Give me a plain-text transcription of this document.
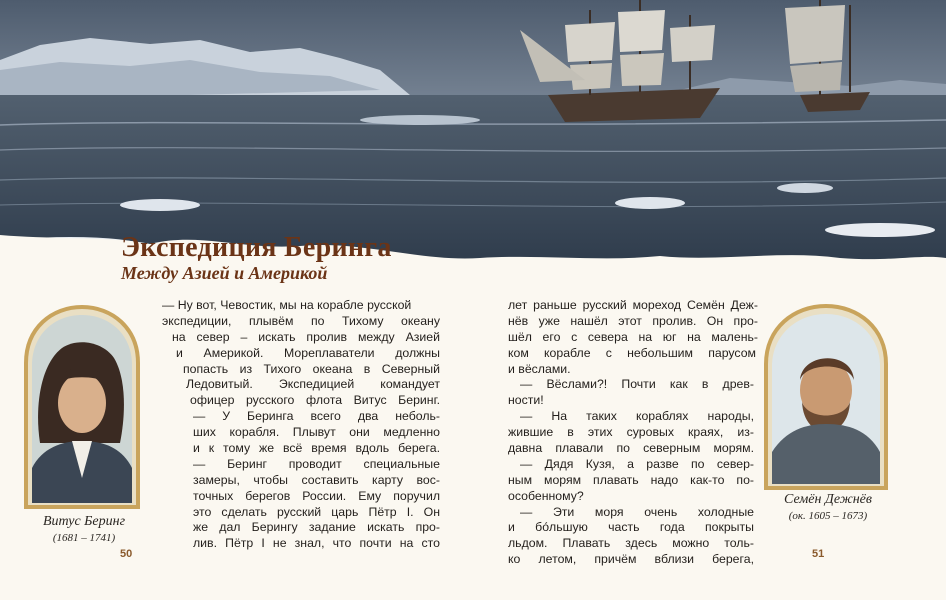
Экспедиция Беринга
Между Азией и Америкой
Витус Беринг
(1681 – 1741)
Семён Дежнёв
(ок. 1605 – 1673)

— Ну вот, Чевостик, мы на корабле русской

экспедиции, плывём по Тихому океану

на север – искать пролив между Азией

и Америкой. Мореплаватели должны

попасть из Тихого океана в Северный

Ледовитый. Экспедицией командует

офицер русского флота Витус Беринг.

— У Беринга всего два неболь-

ших корабля. Плывут они медленно

и к тому же всё время вдоль берега.

— Беринг проводит специальные

замеры, чтобы составить карту вос-

точных берегов России. Ему поручил

это сделать русский царь Пётр I. Он

же дал Берингу задание искать про-

лив. Пётр I не знал, что почти на сто

лет раньше русский мореход Семён Деж-

нёв уже нашёл этот пролив. Он про-

шёл его с севера на юг на малень-

ком корабле с небольшим парусом

и вёслами.

— Вёслами?! Почти как в древ-

ности!

— На таких кораблях народы,

жившие в этих суровых краях, из-

давна плавали по северным морям.

— Дядя Кузя, а разве по север-

ным морям плавать надо как-то по-

особенному?

— Эти моря очень холодные

и бо́льшую часть года покрыты

льдом. Плавать здесь можно толь-

ко летом, причём вблизи берега,

50	51
